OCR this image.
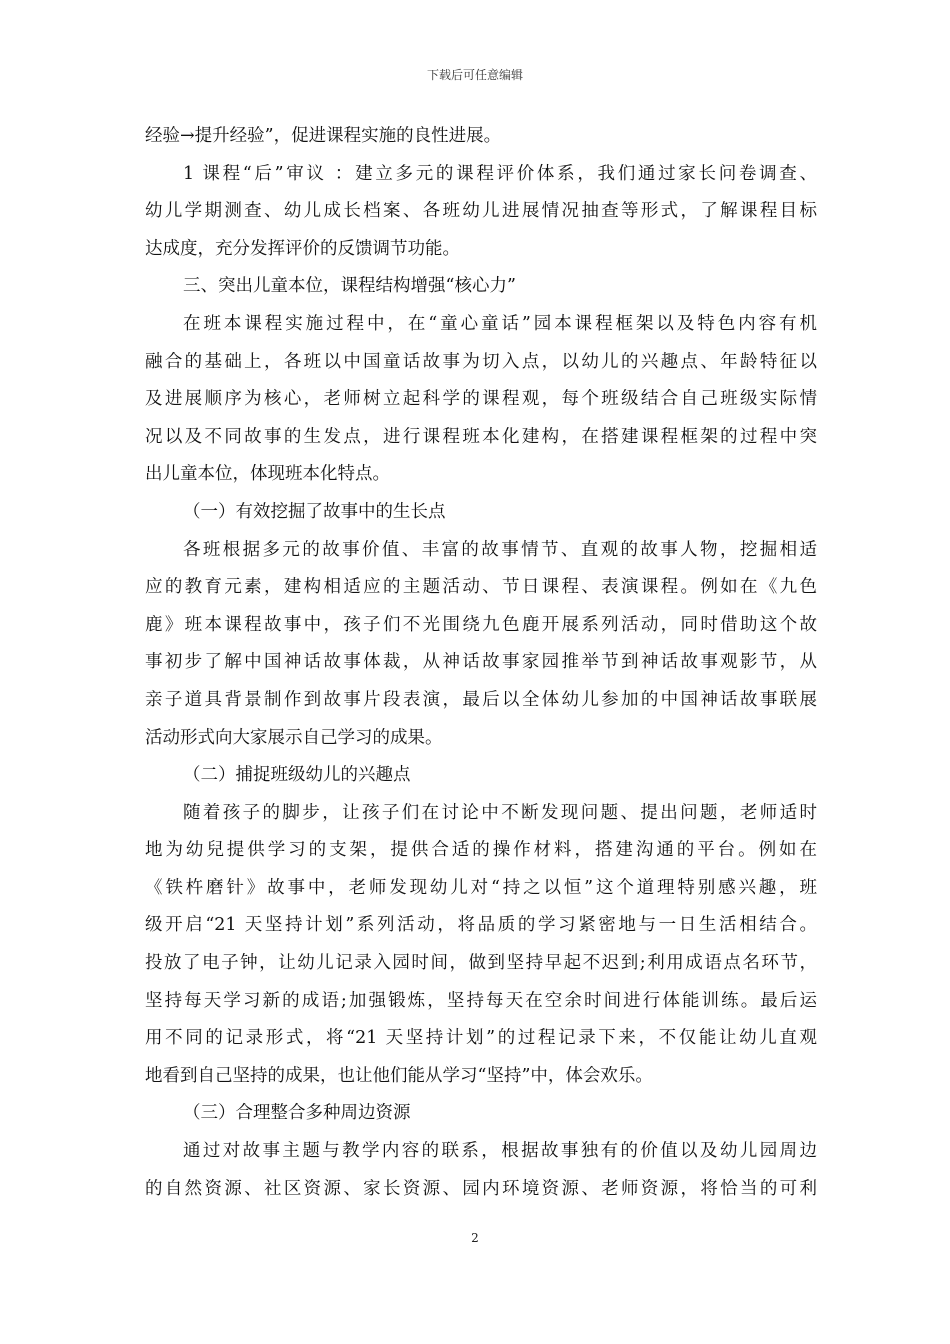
下载后可任意编辑
经验→提升经验”，促进课程实施的良性进展。
1 课程“后”审议 ：建立多元的课程评价体系，我们通过家长问卷调查、
幼儿学期测查、幼儿成长档案、各班幼儿进展情况抽查等形式，了解课程目标
达成度，充分发挥评价的反馈调节功能。
三、突出儿童本位，课程结构增强“核心力”
在班本课程实施过程中，在“童心童话”园本课程框架以及特色内容有机
融合的基础上，各班以中国童话故事为切入点，以幼儿的兴趣点、年龄特征以
及进展顺序为核心，老师树立起科学的课程观，每个班级结合自己班级实际情
况以及不同故事的生发点，进行课程班本化建构，在搭建课程框架的过程中突
出儿童本位，体现班本化特点。
（一）有效挖掘了故事中的生长点
各班根据多元的故事价值、丰富的故事情节、直观的故事人物，挖掘相适
应的教育元素，建构相适应的主题活动、节日课程、表演课程。例如在《九色
鹿》班本课程故事中，孩子们不光围绕九色鹿开展系列活动，同时借助这个故
事初步了解中国神话故事体裁，从神话故事家园推举节到神话故事观影节，从
亲子道具背景制作到故事片段表演，最后以全体幼儿参加的中国神话故事联展
活动形式向大家展示自己学习的成果。
（二）捕捉班级幼儿的兴趣点
随着孩子的脚步，让孩子们在讨论中不断发现问题、提出问题，老师适时
地为幼兒提供学习的支架，提供合适的操作材料，搭建沟通的平台。例如在
《铁杵磨针》故事中，老师发现幼儿对“持之以恒”这个道理特别感兴趣，班
级开启“21 天坚持计划”系列活动，将品质的学习紧密地与一日生活相结合。
投放了电子钟，让幼儿记录入园时间，做到坚持早起不迟到;利用成语点名环节，
坚持每天学习新的成语;加强锻炼，坚持每天在空余时间进行体能训练。最后运
用不同的记录形式，将“21 天坚持计划”的过程记录下来，不仅能让幼儿直观
地看到自己坚持的成果，也让他们能从学习“坚持”中，体会欢乐。
（三）合理整合多种周边资源
通过对故事主题与教学内容的联系，根据故事独有的价值以及幼儿园周边
的自然资源、社区资源、家长资源、园内环境资源、老师资源，将恰当的可利
2
